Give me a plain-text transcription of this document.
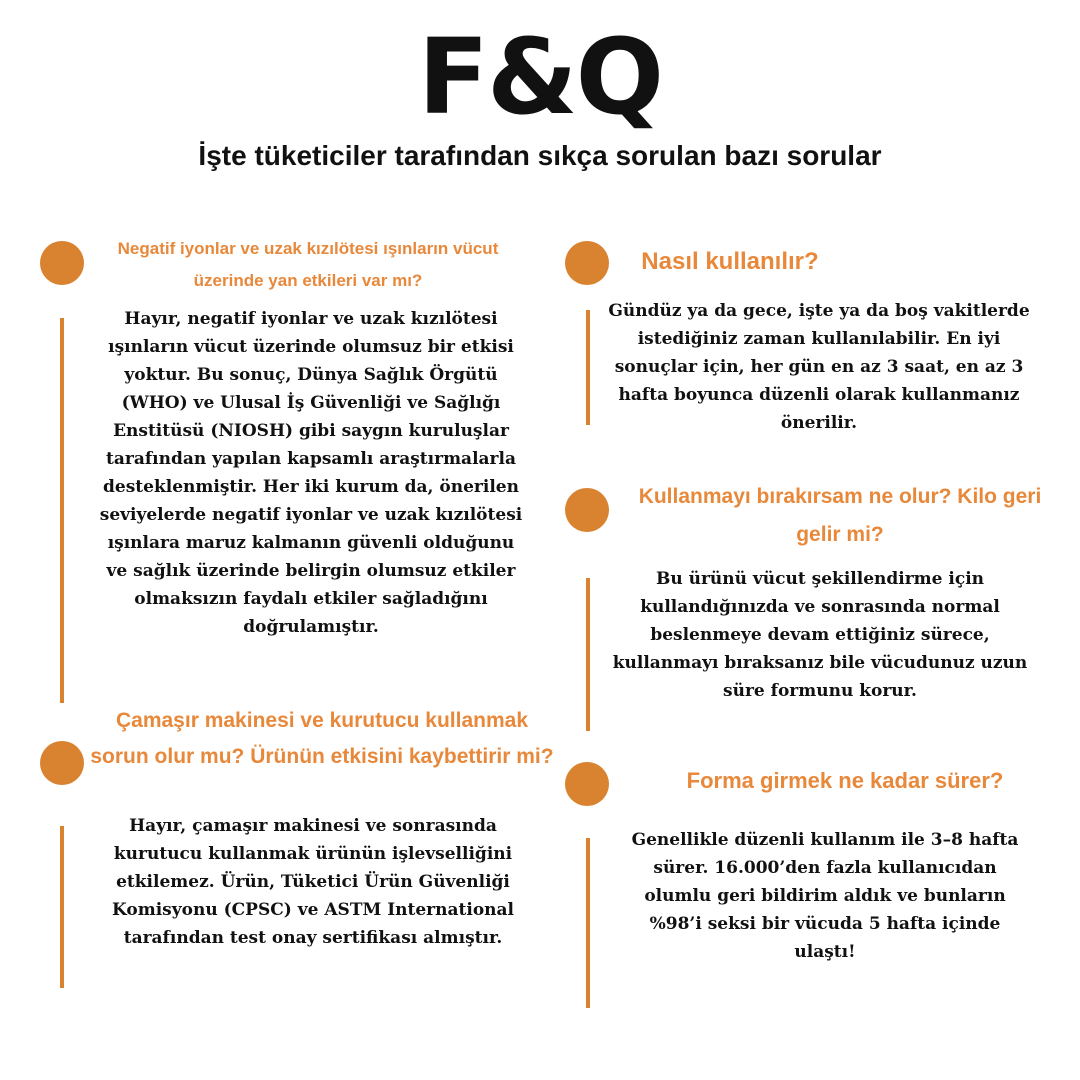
F&Q
İşte tüketiciler tarafından sıkça sorulan bazı sorular
Negatif iyonlar ve uzak kızılötesi ışınların vücut üzerinde yan etkileri var mı?
Hayır, negatif iyonlar ve uzak kızılötesi ışınların vücut üzerinde olumsuz bir etkisi yoktur. Bu sonuç, Dünya Sağlık Örgütü (WHO) ve Ulusal İş Güvenliği ve Sağlığı Enstitüsü (NIOSH) gibi saygın kuruluşlar tarafından yapılan kapsamlı araştırmalarla desteklenmiştir. Her iki kurum da, önerilen seviyelerde negatif iyonlar ve uzak kızılötesi ışınlara maruz kalmanın güvenli olduğunu ve sağlık üzerinde belirgin olumsuz etkiler olmaksızın faydalı etkiler sağladığını doğrulamıştır.
Nasıl kullanılır?
Gündüz ya da gece, işte ya da boş vakitlerde istediğiniz zaman kullanılabilir. En iyi sonuçlar için, her gün en az 3 saat, en az 3 hafta boyunca düzenli olarak kullanmanız önerilir.
Kullanmayı bırakırsam ne olur? Kilo geri gelir mi?
Bu ürünü vücut şekillendirme için kullandığınızda ve sonrasında normal beslenmeye devam ettiğiniz sürece, kullanmayı bıraksanız bile vücudunuz uzun süre formunu korur.
Çamaşır makinesi ve kurutucu kullanmak sorun olur mu? Ürünün etkisini kaybettirir mi?
Hayır, çamaşır makinesi ve sonrasında kurutucu kullanmak ürünün işlevselliğini etkilemez. Ürün, Tüketici Ürün Güvenliği Komisyonu (CPSC) ve ASTM International tarafından test onay sertifikası almıştır.
Forma girmek ne kadar sürer?
Genellikle düzenli kullanım ile 3–8 hafta sürer. 16.000’den fazla kullanıcıdan olumlu geri bildirim aldık ve bunların %98’i seksi bir vücuda 5 hafta içinde ulaştı!
